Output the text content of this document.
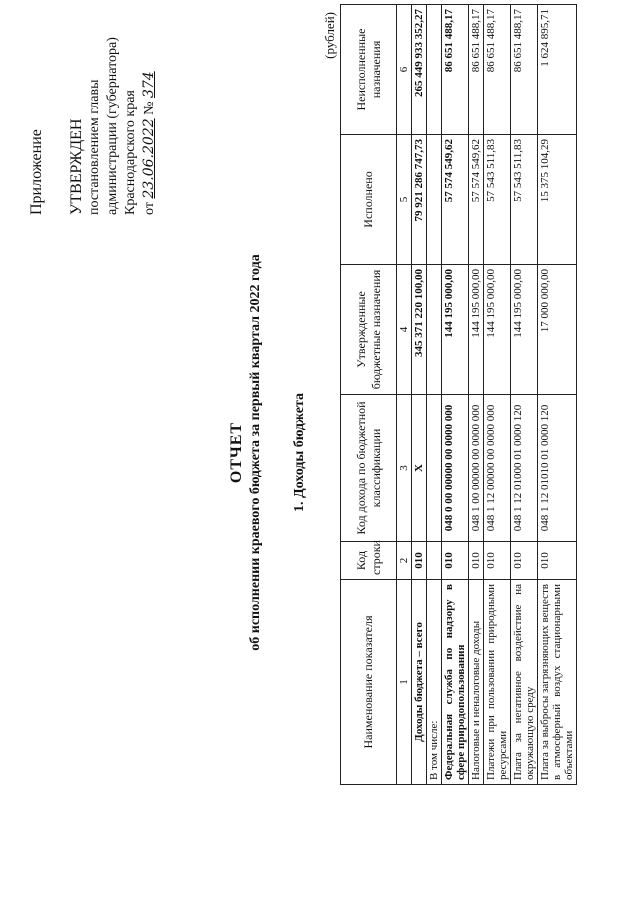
Приложение УТВЕРЖДЕН постановлением главы администрации (губернатора) Краснодарского края от 23.06.2022 № 374
ОТЧЕТ об исполнении краевого бюджета за первый квартал 2022 года 1. Доходы бюджета
(рублей)
Наименование показателя	Код строки	Код дохода по бюджетной классификации	Утвержденные бюджетные назначения	Исполнено	Неисполненные назначения
1	2	3	4	5	6
Доходы бюджета – всего	010	X	345 371 220 100,00	79 921 286 747,73	265 449 933 352,27
В том числе:					
Федеральная служба по надзору в сфере природопользования	010	048 0 00 00000 00 0000 000	144 195 000,00	57 574 549,62	86 651 488,17
Налоговые и неналоговые доходы	010	048 1 00 00000 00 0000 000	144 195 000,00	57 574 549,62	86 651 488,17
Платежи при пользовании природными ресурсами	010	048 1 12 00000 00 0000 000	144 195 000,00	57 543 511,83	86 651 488,17
Плата за негативное воздействие на окружающую среду	010	048 1 12 01000 01 0000 120	144 195 000,00	57 543 511,83	86 651 488,17
Плата за выбросы загрязняющих веществ в атмосферный воздух стационарными объектами	010	048 1 12 01010 01 0000 120	17 000 000,00	15 375 104,29	1 624 895,71
